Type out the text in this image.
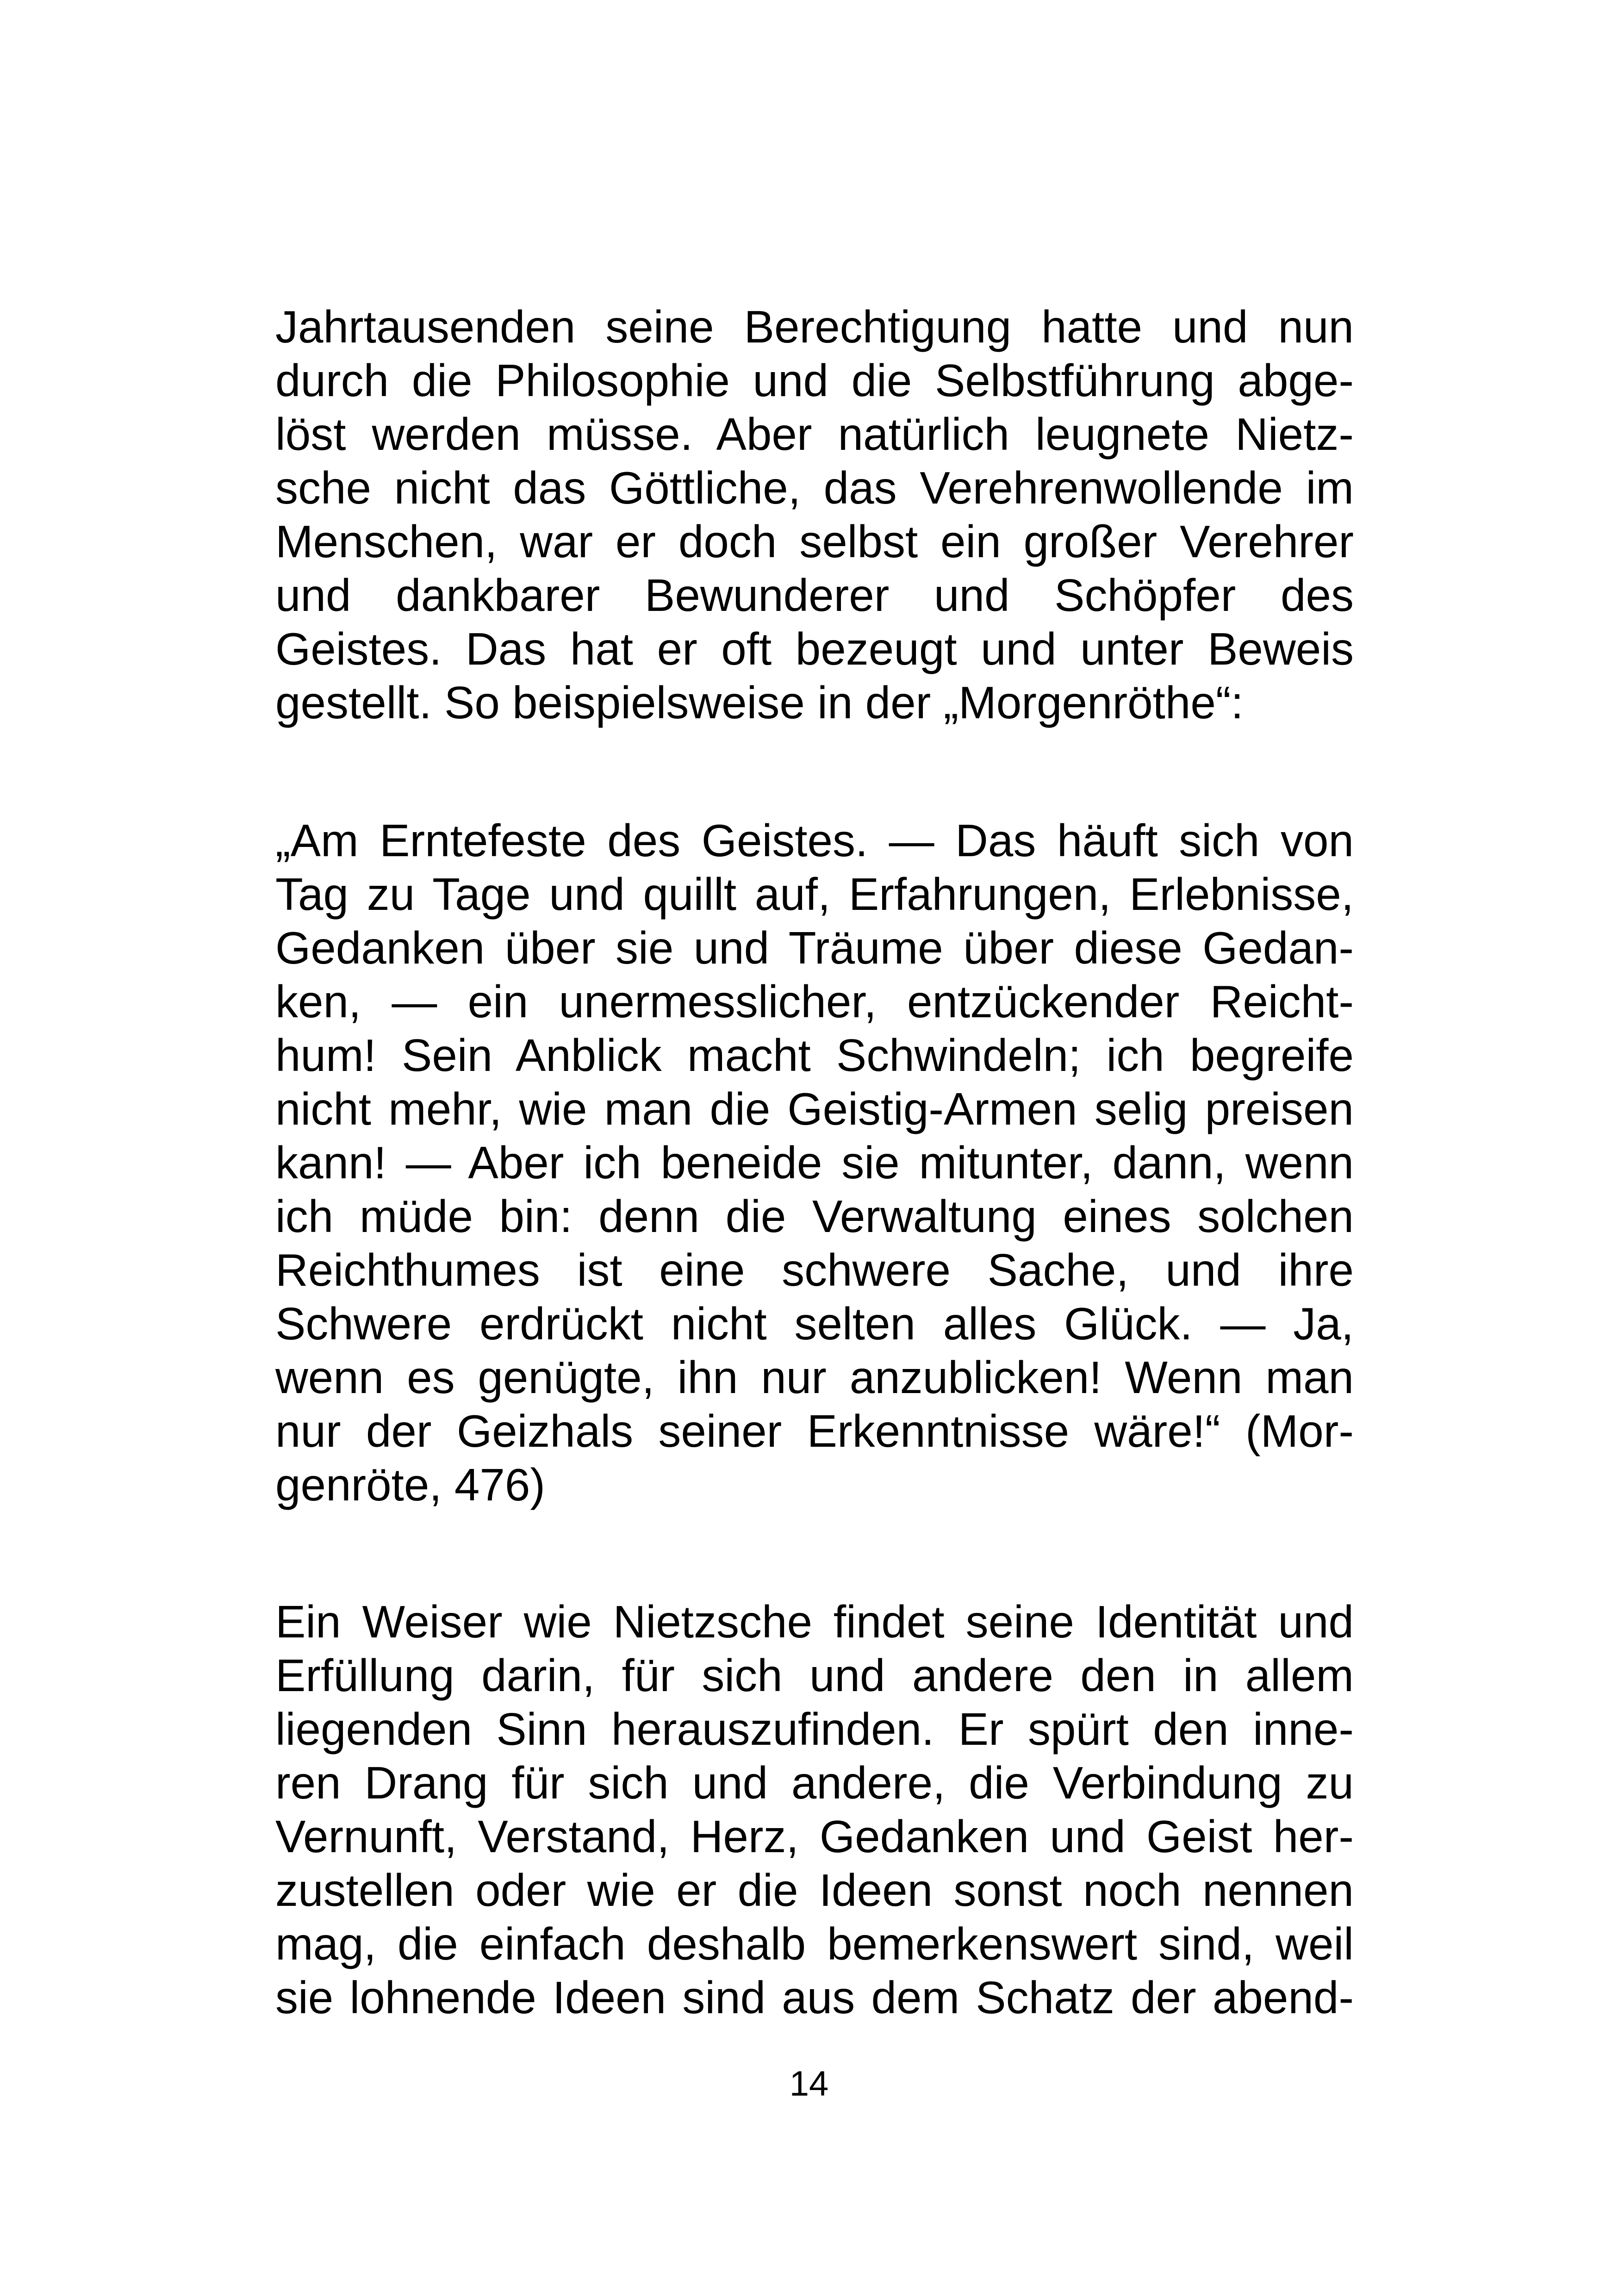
Jahrtausenden seine Berechtigung hatte und nun
durch die Philosophie und die Selbstführung abge-
löst werden müsse. Aber natürlich leugnete Nietz-
sche nicht das Göttliche, das Verehrenwollende im
Menschen, war er doch selbst ein großer Verehrer
und dankbarer Bewunderer und Schöpfer des
Geistes. Das hat er oft bezeugt und unter Beweis
gestellt. So beispielsweise in der „Morgenröthe“:
„Am Erntefeste des Geistes. — Das häuft sich von
Tag zu Tage und quillt auf, Erfahrungen, Erlebnisse,
Gedanken über sie und Träume über diese Gedan-
ken, — ein unermesslicher, entzückender Reicht-
hum! Sein Anblick macht Schwindeln; ich begreife
nicht mehr, wie man die Geistig-Armen selig preisen
kann! — Aber ich beneide sie mitunter, dann, wenn
ich müde bin: denn die Verwaltung eines solchen
Reichthumes ist eine schwere Sache, und ihre
Schwere erdrückt nicht selten alles Glück. — Ja,
wenn es genügte, ihn nur anzublicken! Wenn man
nur der Geizhals seiner Erkenntnisse wäre!“ (Mor-
genröte, 476)
Ein Weiser wie Nietzsche findet seine Identität und
Erfüllung darin, für sich und andere den in allem
liegenden Sinn herauszufinden. Er spürt den inne-
ren Drang für sich und andere, die Verbindung zu
Vernunft, Verstand, Herz, Gedanken und Geist her-
zustellen oder wie er die Ideen sonst noch nennen
mag, die einfach deshalb bemerkenswert sind, weil
sie lohnende Ideen sind aus dem Schatz der abend-
14
